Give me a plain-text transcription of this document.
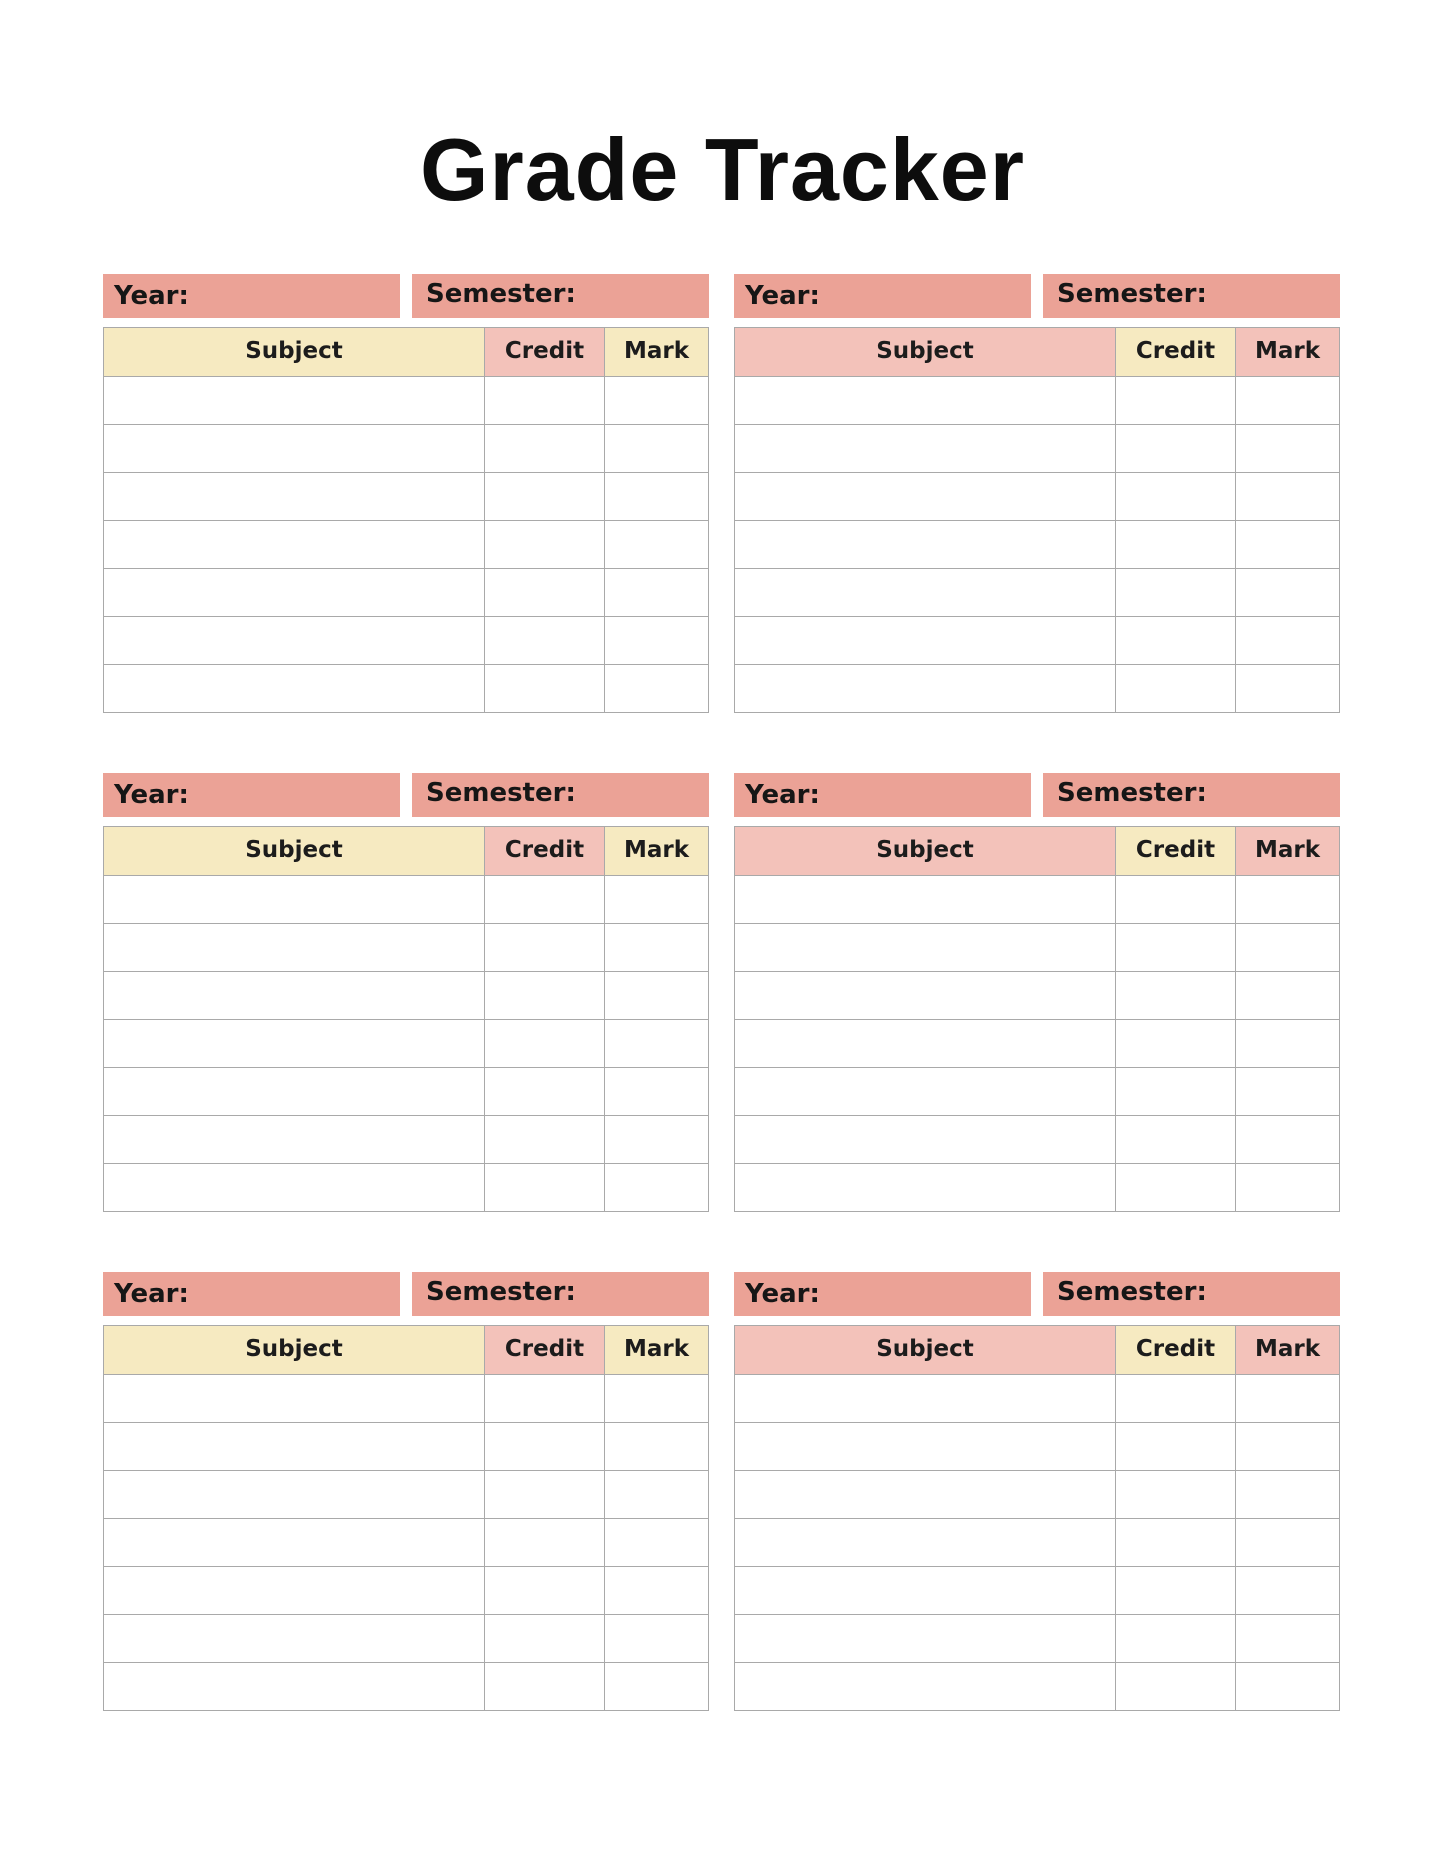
Grade Tracker
Year:	Semester:
Subject	Credit	Mark
Year:	Semester:
Subject	Credit	Mark
Year:	Semester:
Subject	Credit	Mark
Year:	Semester:
Subject	Credit	Mark
Year:	Semester:
Subject	Credit	Mark
Year:	Semester:
Subject	Credit	Mark
